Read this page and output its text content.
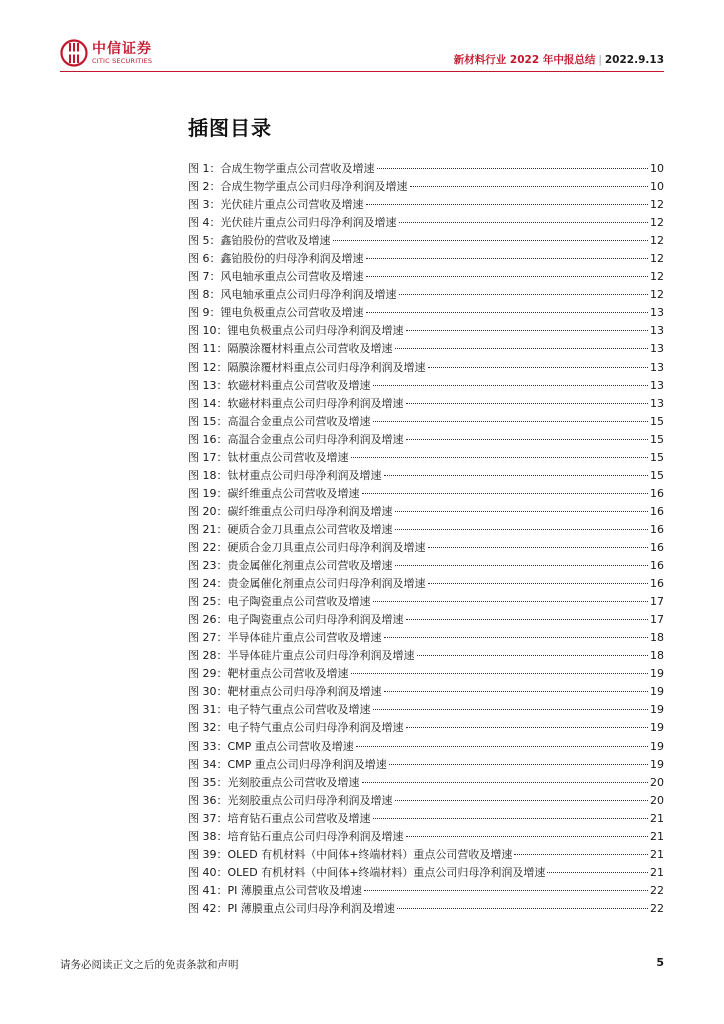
中信证券
CITIC SECURITIES	新材料行业 2022 年中报总结 | 2022.9.13
插图目录
图 1：合成生物学重点公司营收及增速	10
图 2：合成生物学重点公司归母净利润及增速	10
图 3：光伏硅片重点公司营收及增速	12
图 4：光伏硅片重点公司归母净利润及增速	12
图 5：鑫铂股份的营收及增速	12
图 6：鑫铂股份的归母净利润及增速	12
图 7：风电轴承重点公司营收及增速	12
图 8：风电轴承重点公司归母净利润及增速	12
图 9：锂电负极重点公司营收及增速	13
图 10：锂电负极重点公司归母净利润及增速	13
图 11：隔膜涂覆材料重点公司营收及增速	13
图 12：隔膜涂覆材料重点公司归母净利润及增速	13
图 13：软磁材料重点公司营收及增速	13
图 14：软磁材料重点公司归母净利润及增速	13
图 15：高温合金重点公司营收及增速	15
图 16：高温合金重点公司归母净利润及增速	15
图 17：钛材重点公司营收及增速	15
图 18：钛材重点公司归母净利润及增速	15
图 19：碳纤维重点公司营收及增速	16
图 20：碳纤维重点公司归母净利润及增速	16
图 21：硬质合金刀具重点公司营收及增速	16
图 22：硬质合金刀具重点公司归母净利润及增速	16
图 23：贵金属催化剂重点公司营收及增速	16
图 24：贵金属催化剂重点公司归母净利润及增速	16
图 25：电子陶瓷重点公司营收及增速	17
图 26：电子陶瓷重点公司归母净利润及增速	17
图 27：半导体硅片重点公司营收及增速	18
图 28：半导体硅片重点公司归母净利润及增速	18
图 29：靶材重点公司营收及增速	19
图 30：靶材重点公司归母净利润及增速	19
图 31：电子特气重点公司营收及增速	19
图 32：电子特气重点公司归母净利润及增速	19
图 33：CMP 重点公司营收及增速	19
图 34：CMP 重点公司归母净利润及增速	19
图 35：光刻胶重点公司营收及增速	20
图 36：光刻胶重点公司归母净利润及增速	20
图 37：培育钻石重点公司营收及增速	21
图 38：培育钻石重点公司归母净利润及增速	21
图 39：OLED 有机材料（中间体+终端材料）重点公司营收及增速	21
图 40：OLED 有机材料（中间体+终端材料）重点公司归母净利润及增速	21
图 41：PI 薄膜重点公司营收及增速	22
图 42：PI 薄膜重点公司归母净利润及增速	22
请务必阅读正文之后的免责条款和声明	5
